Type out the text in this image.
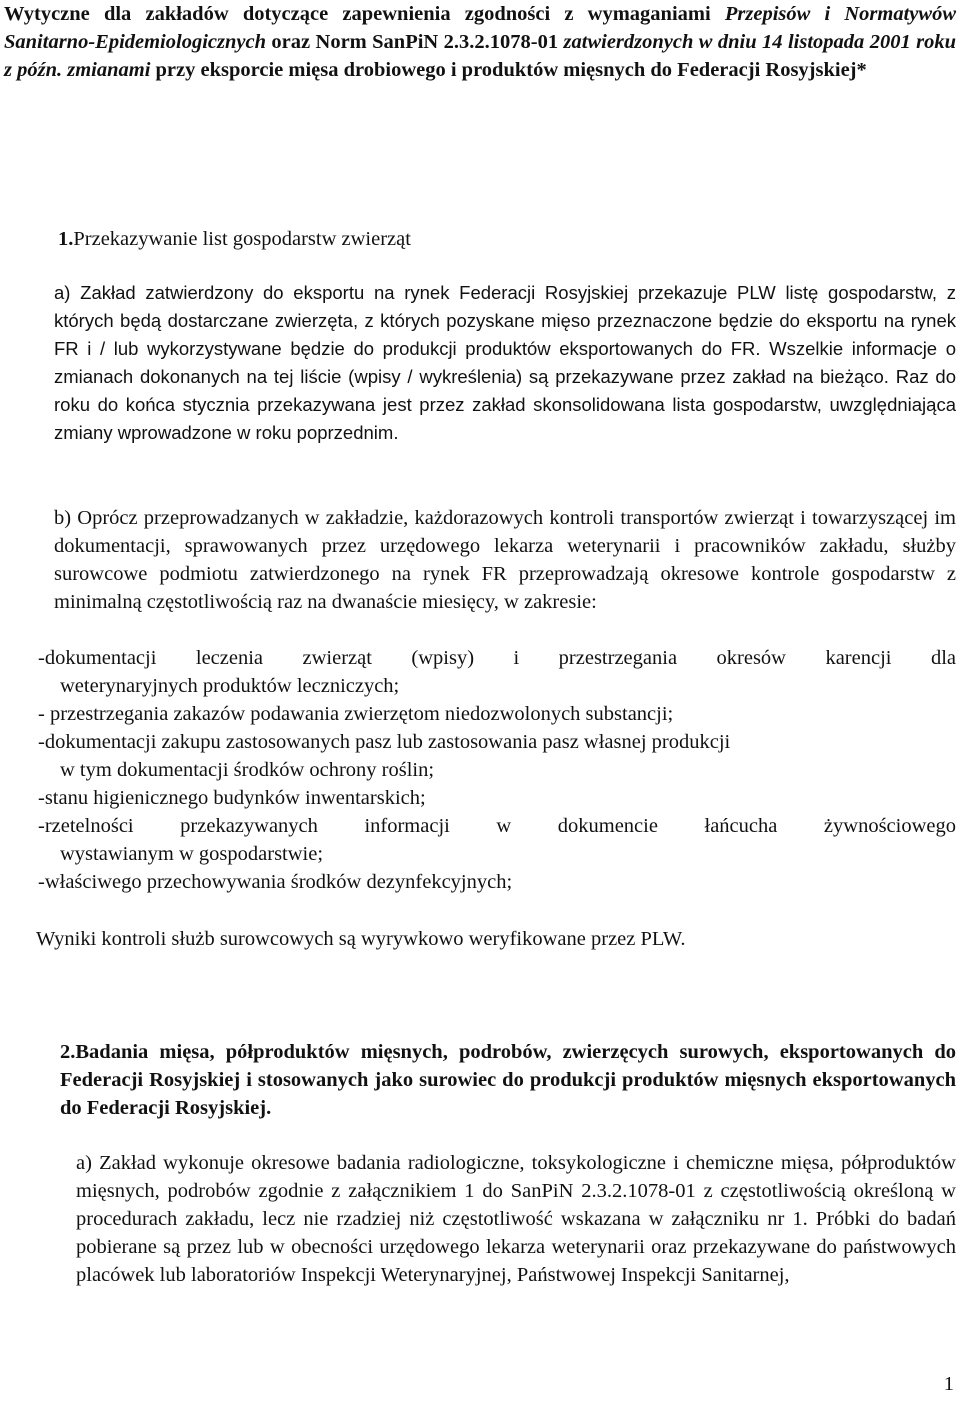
Wytyczne dla zakładów dotyczące zapewnienia zgodności z wymaganiami Przepisów i Normatywów Sanitarno-Epidemiologicznych oraz Norm SanPiN 2.3.2.1078-01 zatwierdzonych w dniu 14 listopada 2001 roku z późn. zmianami przy eksporcie mięsa drobiowego i produktów mięsnych do Federacji Rosyjskiej*
1.Przekazywanie list gospodarstw zwierząt

a) Zakład zatwierdzony do eksportu na rynek Federacji Rosyjskiej przekazuje PLW listę gospodarstw, z których będą dostarczane zwierzęta, z których pozyskane mięso przeznaczone będzie do eksportu na rynek FR i / lub wykorzystywane będzie do produkcji produktów eksportowanych do FR. Wszelkie informacje o zmianach dokonanych na tej liście (wpisy / wykreślenia) są przekazywane przez zakład na bieżąco. Raz do roku do końca stycznia przekazywana jest przez zakład skonsolidowana lista gospodarstw, uwzględniająca zmiany wprowadzone w roku poprzednim.

b) Oprócz przeprowadzanych w zakładzie, każdorazowych kontroli transportów zwierząt i towarzyszącej im dokumentacji, sprawowanych przez urzędowego lekarza weterynarii i pracowników zakładu, służby surowcowe podmiotu zatwierdzonego na rynek FR przeprowadzają okresowe kontrole gospodarstw z minimalną częstotliwością raz na dwanaście miesięcy, w zakresie:

-dokumentacji leczenia zwierząt (wpisy) i przestrzegania okresów karencji dla
weterynaryjnych produktów leczniczych;
- przestrzegania zakazów podawania zwierzętom niedozwolonych substancji;
-dokumentacji zakupu zastosowanych pasz lub zastosowania pasz własnej produkcji
w tym dokumentacji środków ochrony roślin;
-stanu higienicznego budynków inwentarskich;
-rzetelności przekazywanych informacji w dokumencie łańcucha żywnościowego
wystawianym w gospodarstwie;
-właściwego przechowywania środków dezynfekcyjnych;

Wyniki kontroli służb surowcowych są wyrywkowo weryfikowane przez PLW.

2.Badania mięsa, półproduktów mięsnych, podrobów, zwierzęcych surowych, eksportowanych do Federacji Rosyjskiej i stosowanych jako surowiec do produkcji produktów mięsnych eksportowanych do Federacji Rosyjskiej.

a) Zakład wykonuje okresowe badania radiologiczne, toksykologiczne i chemiczne mięsa, półproduktów mięsnych, podrobów zgodnie z załącznikiem 1 do SanPiN 2.3.2.1078-01 z częstotliwością określoną w procedurach zakładu, lecz nie rzadziej niż częstotliwość wskazana w załączniku nr 1. Próbki do badań pobierane są przez lub w obecności urzędowego lekarza weterynarii oraz przekazywane do państwowych placówek lub laboratoriów Inspekcji Weterynaryjnej, Państwowej Inspekcji Sanitarnej,

1
